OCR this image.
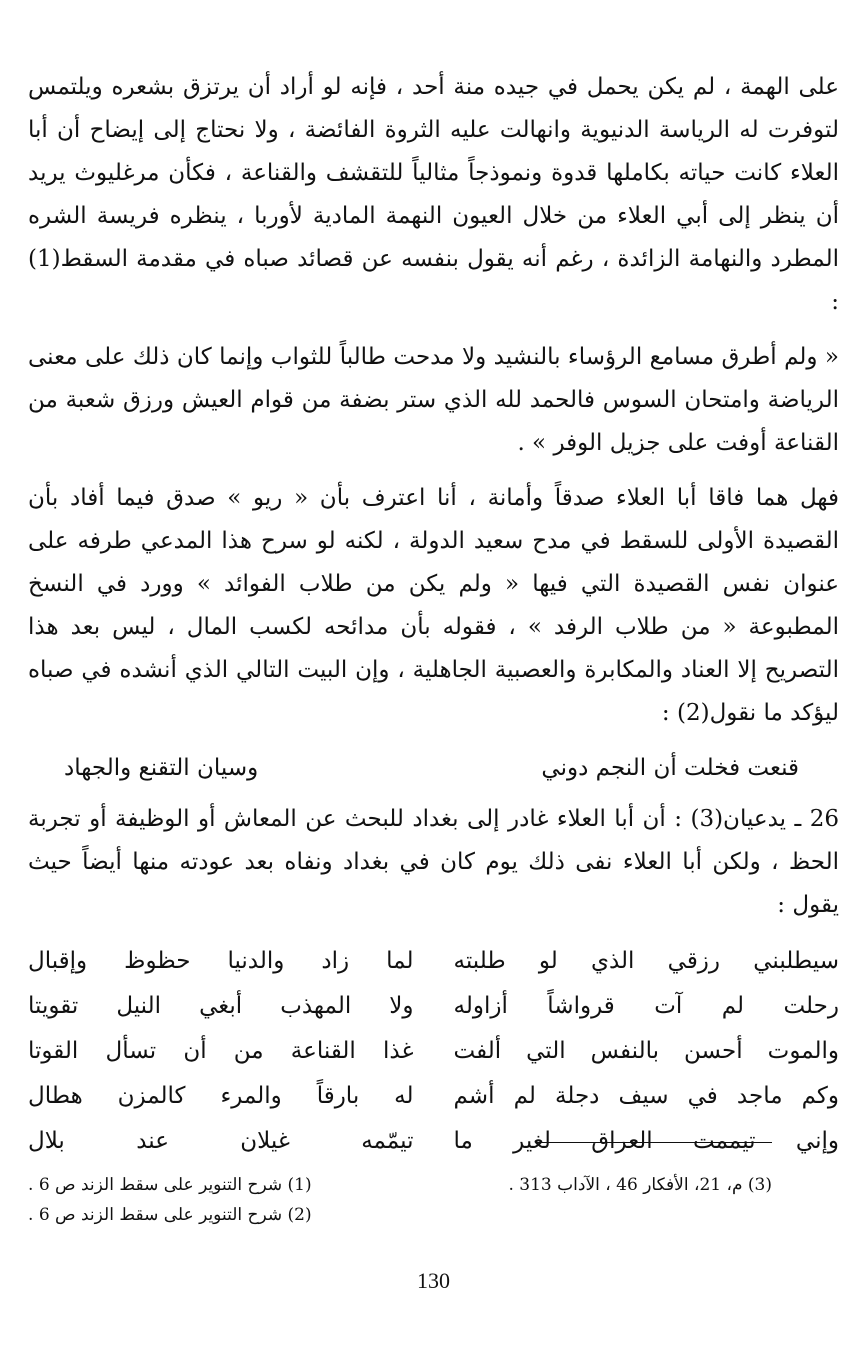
على الهمة ، لم يكن يحمل في جيده منة أحد ، فإنه لو أراد أن يرتزق بشعره ويلتمس لتوفرت له الرياسة الدنيوية وانهالت عليه الثروة الفائضة ، ولا نحتاج إلى إيضاح أن أبا العلاء كانت حياته بكاملها قدوة ونموذجاً مثالياً للتقشف والقناعة ، فكأن مرغليوث يريد أن ينظر إلى أبي العلاء من خلال العيون النهمة المادية لأوربا ، ينظره فريسة الشره المطرد والنهامة الزائدة ، رغم أنه يقول بنفسه عن قصائد صباه في مقدمة السقط(1) :

« ولم أطرق مسامع الرؤساء بالنشيد ولا مدحت طالباً للثواب وإنما كان ذلك على معنى الرياضة وامتحان السوس فالحمد لله الذي ستر بضفة من قوام العيش ورزق شعبة من القناعة أوفت على جزيل الوفر » .

فهل هما فاقا أبا العلاء صدقاً وأمانة ، أنا اعترف بأن « ريو » صدق فيما أفاد بأن القصيدة الأولى للسقط في مدح سعيد الدولة ، لكنه لو سرح هذا المدعي طرفه على عنوان نفس القصيدة التي فيها « ولم يكن من طلاب الفوائد » وورد في النسخ المطبوعة « من طلاب الرفد » ، فقوله بأن مدائحه لكسب المال ، ليس بعد هذا التصريح إلا العناد والمكابرة والعصبية الجاهلية ، وإن البيت التالي الذي أنشده في صباه ليؤكد ما نقول(2) :

قنعت فخلت أن النجم دوني
وسيان التقنع والجهاد

26 ـ يدعيان(3) : أن أبا العلاء غادر إلى بغداد للبحث عن المعاش أو الوظيفة أو تجربة الحظ ، ولكن أبا العلاء نفى ذلك يوم كان في بغداد ونفاه بعد عودته منها أيضاً حيث يقول :

سيطلبني رزقي الذي لو طلبته
لما زاد والدنيا حظوظ وإقبال
رحلت لم آت قرواشاً أزاوله
ولا المهذب أبغي النيل تقويتا
والموت أحسن بالنفس التي ألفت
غذا القناعة من أن تسأل القوتا
وكم ماجد في سيف دجلة لم أشم
له بارقاً والمرء كالمزن هطال
وإني تيممت العراق لغير ما
تيمّمه غيلان عند بلال
(1) شرح التنوير على سقط الزند ص 6 .
(2) شرح التنوير على سقط الزند ص 6 .
(3) م، 21، الأفكار 46 ، الآداب 313 .
130
